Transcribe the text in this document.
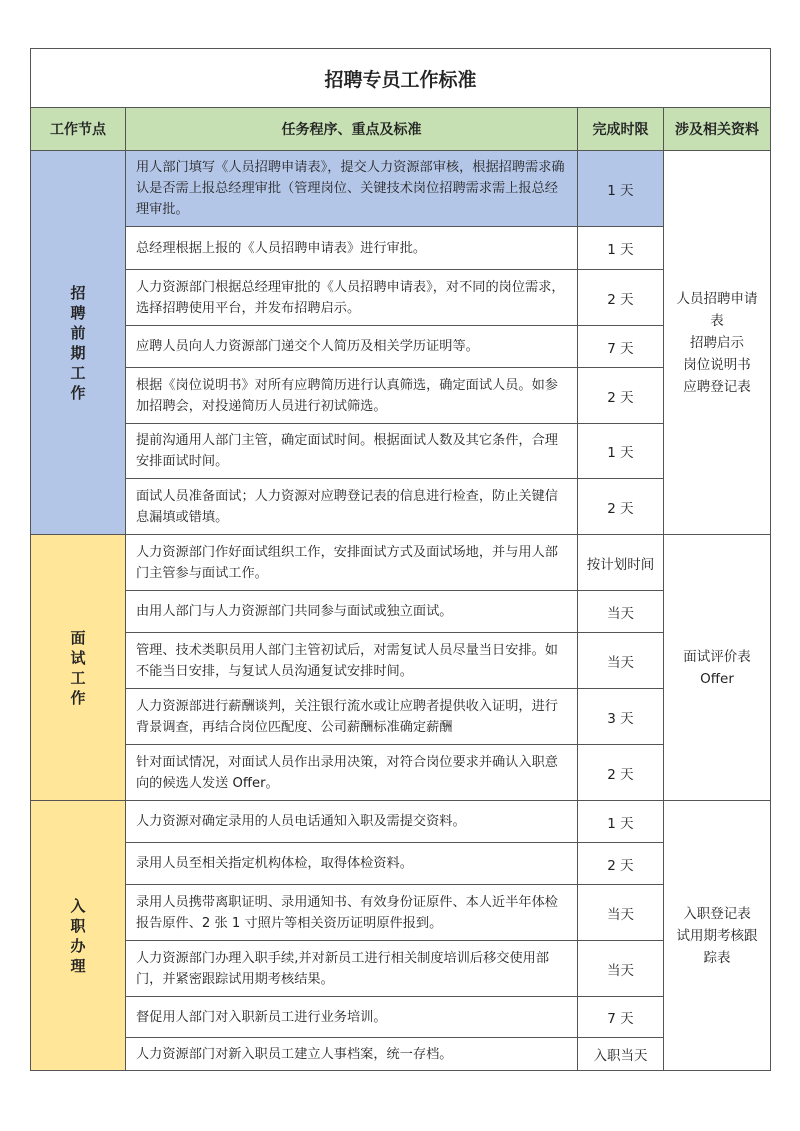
招聘专员工作标准			
工作节点	任务程序、重点及标准	完成时限	涉及相关资料
招聘前期工作	用人部门填写《人员招聘申请表》，提交人力资源部审核，根据招聘需求确认是否需上报总经理审批（管理岗位、关键技术岗位招聘需求需上报总经理审批。	1 天	人员招聘申请表
招聘启示
岗位说明书
应聘登记表

	总经理根据上报的《人员招聘申请表》进行审批。	1 天	
	人力资源部门根据总经理审批的《人员招聘申请表》，对不同的岗位需求，选择招聘使用平台，并发布招聘启示。	2 天	
	应聘人员向人力资源部门递交个人简历及相关学历证明等。	7 天	
	根据《岗位说明书》对所有应聘简历进行认真筛选，确定面试人员。如参加招聘会，对投递简历人员进行初试筛选。	2 天	
	提前沟通用人部门主管，确定面试时间。根据面试人数及其它条件，合理安排面试时间。	1 天	
	面试人员准备面试；人力资源对应聘登记表的信息进行检查，防止关键信息漏填或错填。	2 天	
面试工作	人力资源部门作好面试组织工作，安排面试方式及面试场地，并与用人部门主管参与面试工作。	按计划时间	面试评价表
Offer

	由用人部门与人力资源部门共同参与面试或独立面试。	当天	
	管理、技术类职员用人部门主管初试后，对需复试人员尽量当日安排。如不能当日安排，与复试人员沟通复试安排时间。	当天	
	人力资源部进行薪酬谈判，关注银行流水或让应聘者提供收入证明，进行背景调查，再结合岗位匹配度、公司薪酬标准确定薪酬	3 天	
	针对面试情况，对面试人员作出录用决策，对符合岗位要求并确认入职意向的候选人发送 Offer。	2 天	
入职办理	人力资源对确定录用的人员电话通知入职及需提交资料。	1 天	入职登记表
试用期考核跟踪表

	录用人员至相关指定机构体检，取得体检资料。	2 天	
	录用人员携带离职证明、录用通知书、有效身份证原件、本人近半年体检报告原件、2 张 1 寸照片等相关资历证明原件报到。	当天	
	人力资源部门办理入职手续,并对新员工进行相关制度培训后移交使用部门，并紧密跟踪试用期考核结果。	当天	
	督促用人部门对入职新员工进行业务培训。	7 天	
	人力资源部门对新入职员工建立人事档案，统一存档。	入职当天	
